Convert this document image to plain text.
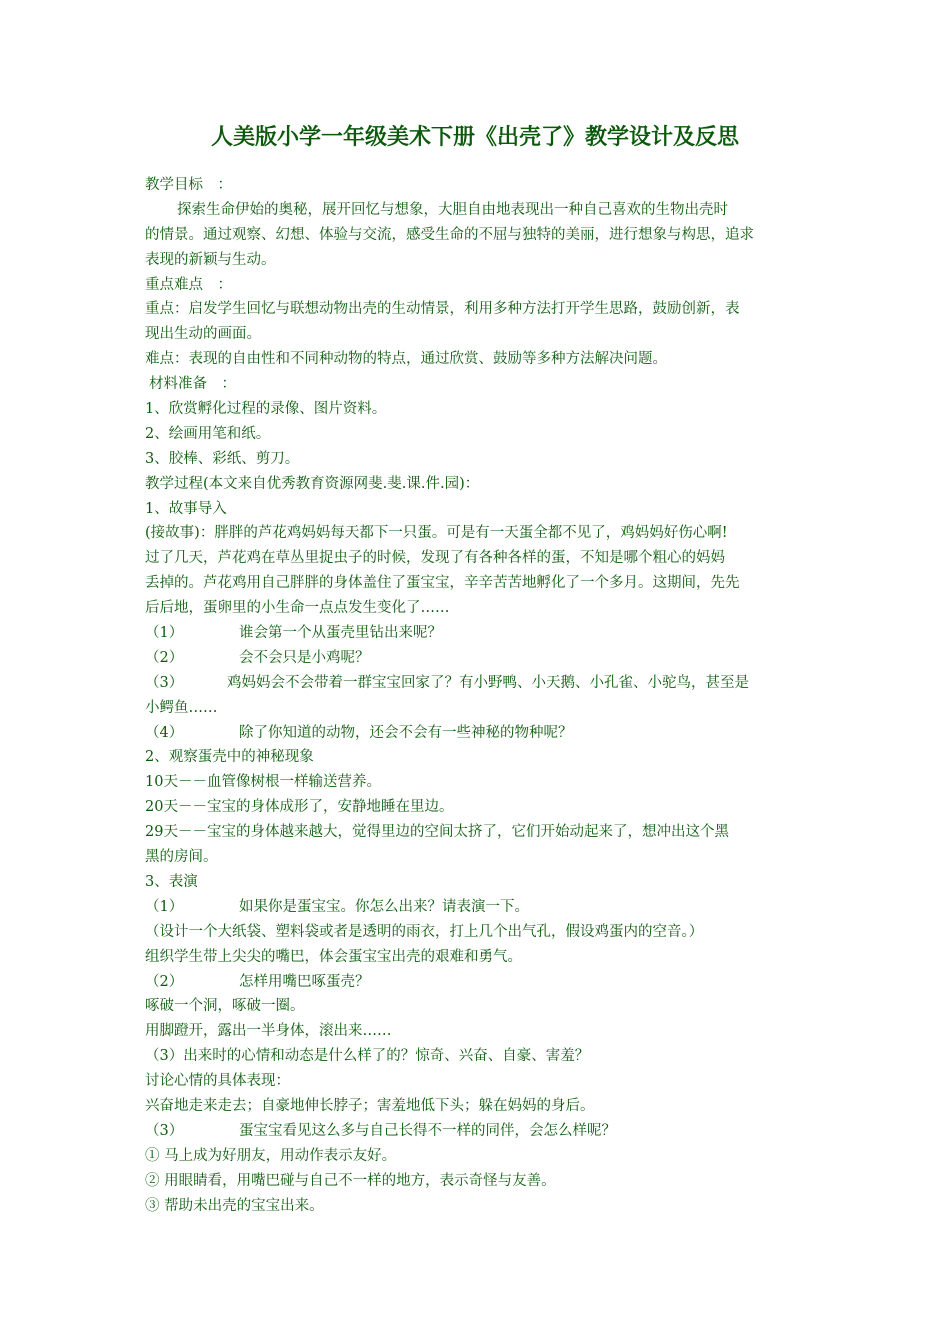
人美版小学一年级美术下册《出壳了》教学设计及反思
教学目标　：
探索生命伊始的奥秘，展开回忆与想象，大胆自由地表现出一种自己喜欢的生物出壳时
的情景。通过观察、幻想、体验与交流，感受生命的不屈与独特的美丽，进行想象与构思，追求
表现的新颖与生动。
重点难点　：
重点：启发学生回忆与联想动物出壳的生动情景，利用多种方法打开学生思路，鼓励创新，表
现出生动的画面。
难点：表现的自由性和不同种动物的特点，通过欣赏、鼓励等多种方法解决问题。
材料准备　：
1、欣赏孵化过程的录像、图片资料。
2、绘画用笔和纸。
3、胶棒、彩纸、剪刀。
教学过程(本文来自优秀教育资源网斐.斐.课.件.园)：
1、故事导入
(接故事)：胖胖的芦花鸡妈妈每天都下一只蛋。可是有一天蛋全都不见了，鸡妈妈好伤心啊!
过了几天，芦花鸡在草丛里捉虫子的时候，发现了有各种各样的蛋，不知是哪个粗心的妈妈
丢掉的。芦花鸡用自己胖胖的身体盖住了蛋宝宝，辛辛苦苦地孵化了一个多月。这期间，先先
后后地，蛋卵里的小生命一点点发生变化了……
（1）	谁会第一个从蛋壳里钻出来呢？
（2）	会不会只是小鸡呢？
（3）	鸡妈妈会不会带着一群宝宝回家了？有小野鸭、小天鹅、小孔雀、小驼鸟，甚至是
小鳄鱼……
（4）	除了你知道的动物，还会不会有一些神秘的物种呢？
2、观察蛋壳中的神秘现象
10天－－血管像树根一样输送营养。
20天－－宝宝的身体成形了，安静地睡在里边。
29天－－宝宝的身体越来越大，觉得里边的空间太挤了，它们开始动起来了，想冲出这个黑
黑的房间。
3、表演
（1）	如果你是蛋宝宝。你怎么出来？请表演一下。
（设计一个大纸袋、塑料袋或者是透明的雨衣，打上几个出气孔，假设鸡蛋内的空音。）
组织学生带上尖尖的嘴巴，体会蛋宝宝出壳的艰难和勇气。
（2）	怎样用嘴巴啄蛋壳？
啄破一个洞，啄破一圈。
用脚蹬开，露出一半身体，滚出来……
（3）出来时的心情和动态是什么样了的？惊奇、兴奋、自豪、害羞？
讨论心情的具体表现：
兴奋地走来走去；自豪地伸长脖子；害羞地低下头；躲在妈妈的身后。
（3）	蛋宝宝看见这么多与自己长得不一样的同伴，会怎么样呢？
① 马上成为好朋友，用动作表示友好。
② 用眼睛看，用嘴巴碰与自己不一样的地方，表示奇怪与友善。
③ 帮助未出壳的宝宝出来。
